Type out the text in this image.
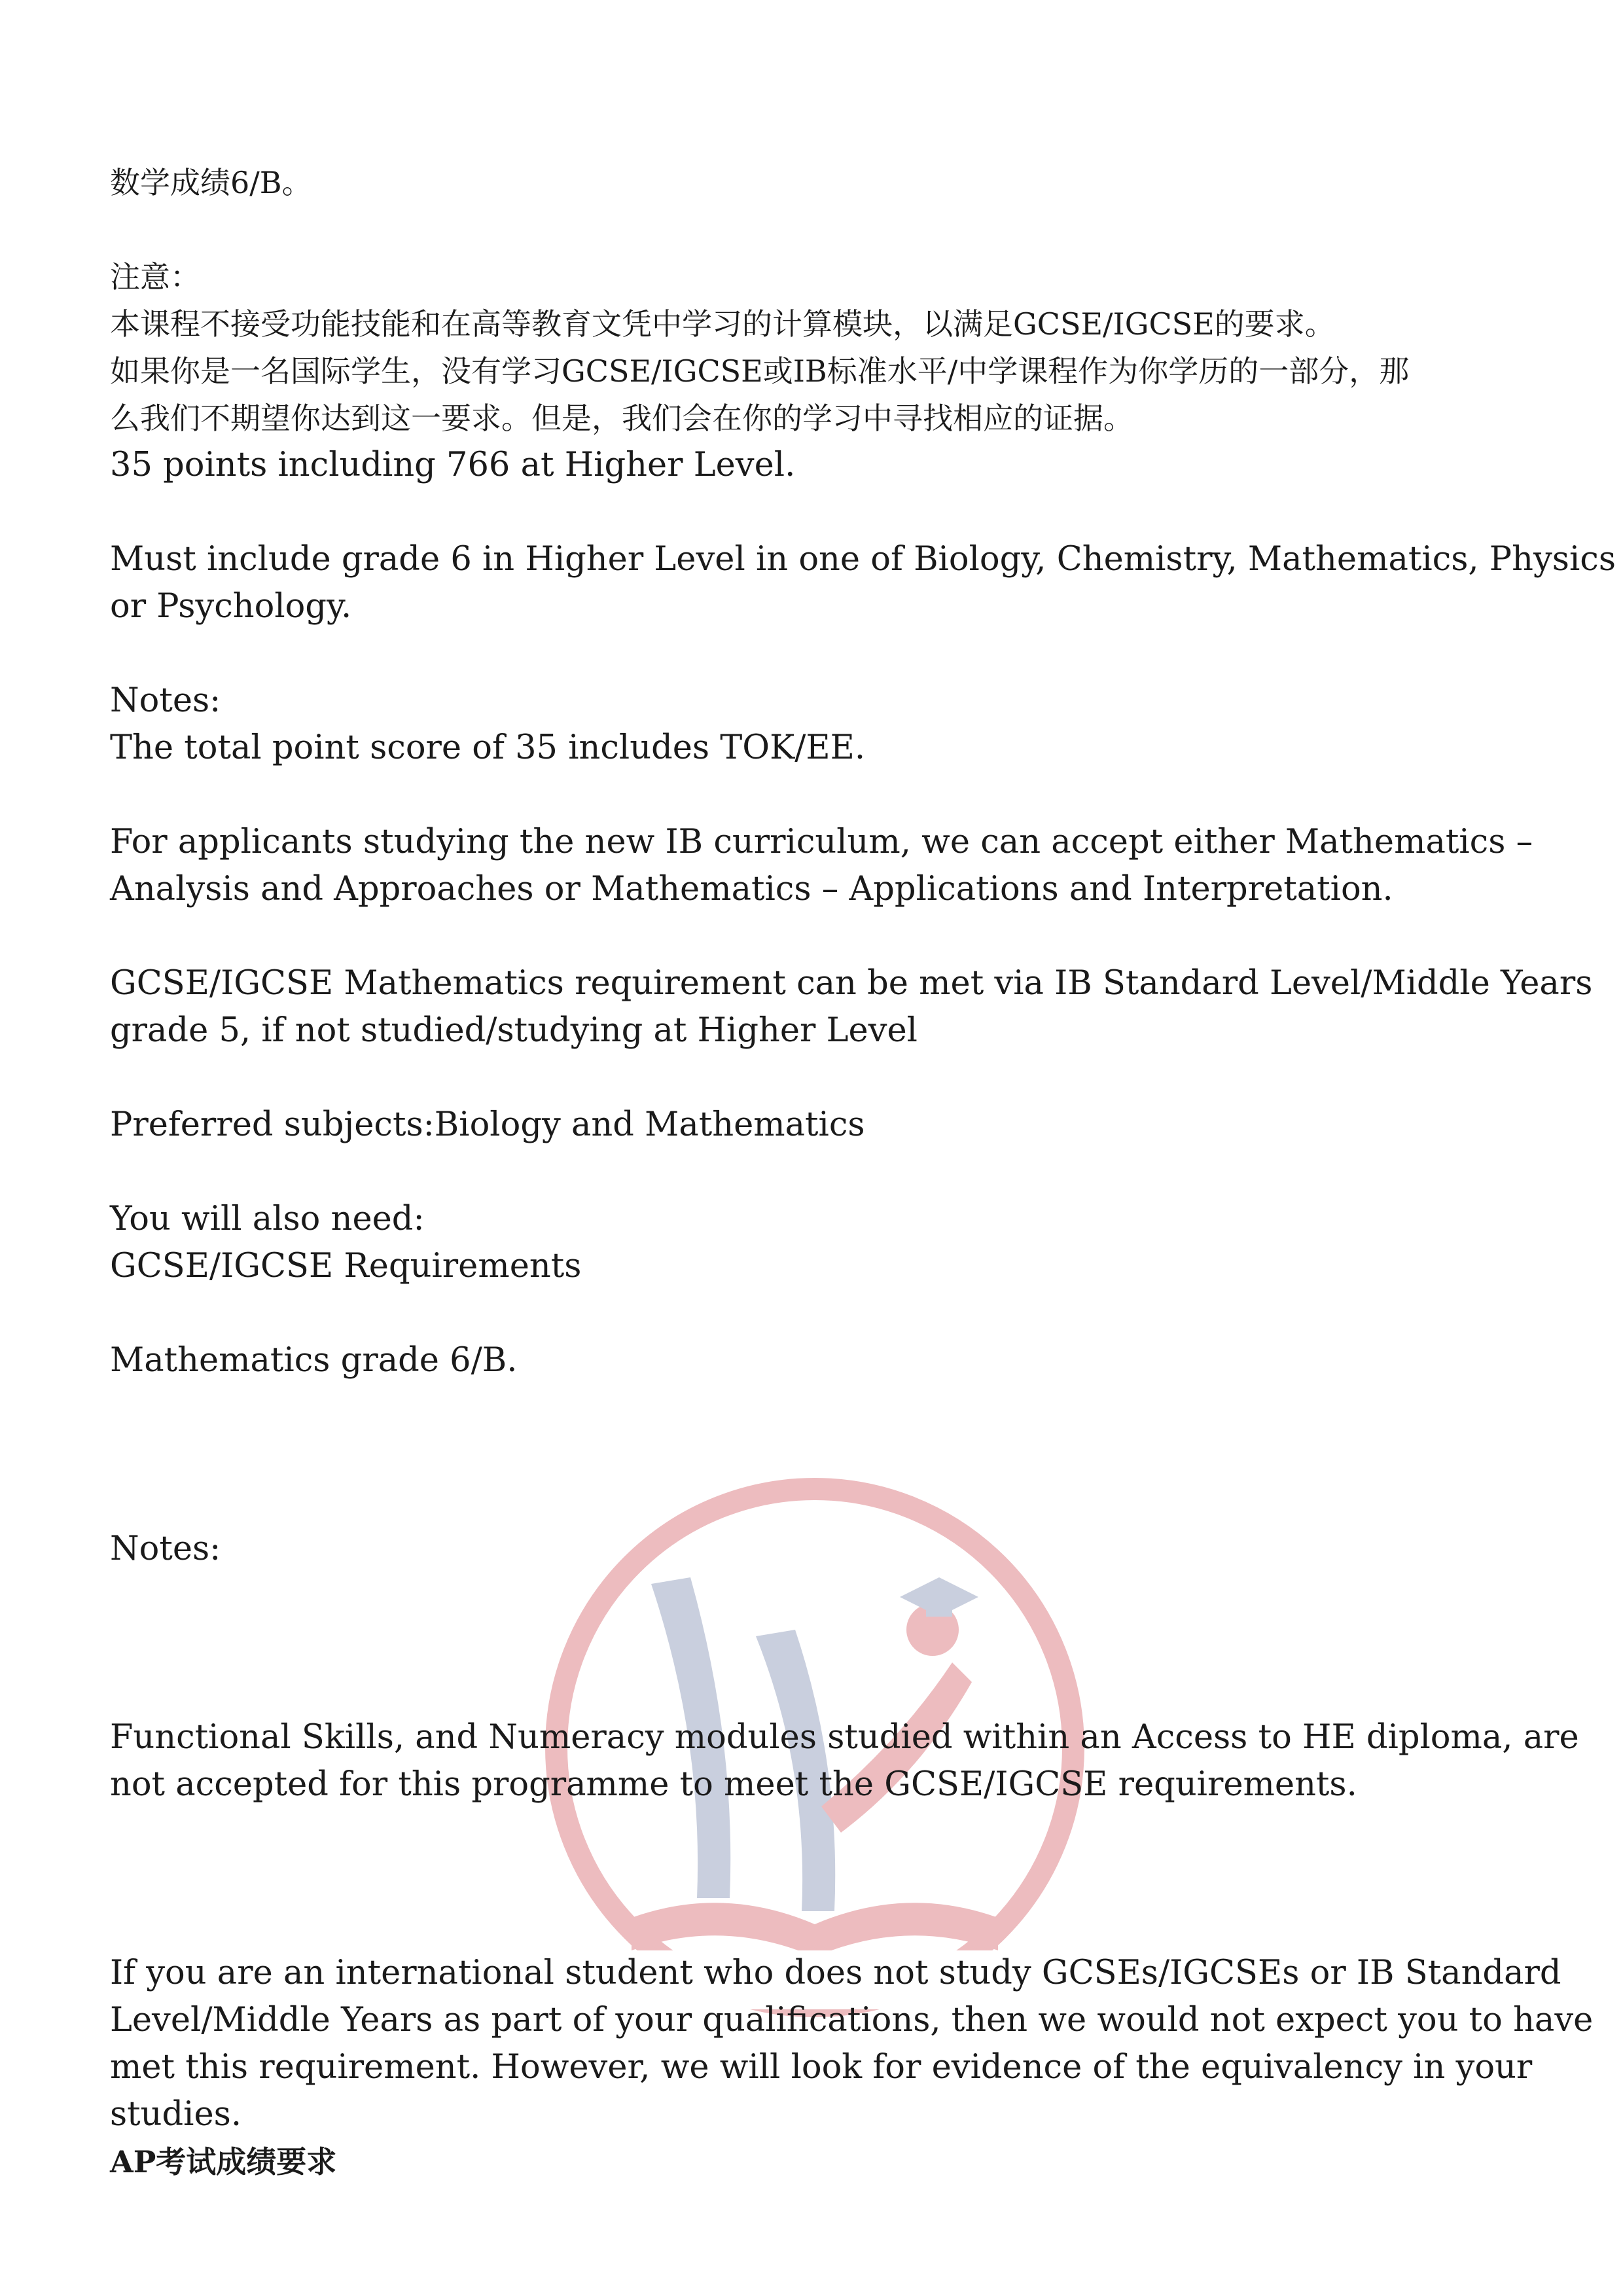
数学成绩6/B。
注意：
本课程不接受功能技能和在高等教育文凭中学习的计算模块，以满足GCSE/IGCSE的要求。
如果你是一名国际学生，没有学习GCSE/IGCSE或IB标准水平/中学课程作为你学历的一部分，那
么我们不期望你达到这一要求。但是，我们会在你的学习中寻找相应的证据。
35 points including 766 at Higher Level.
Must include grade 6 in Higher Level in one of Biology, Chemistry, Mathematics, Physics
or Psychology.
Notes:
The total point score of 35 includes TOK/EE.
For applicants studying the new IB curriculum, we can accept either Mathematics –
Analysis and Approaches or Mathematics – Applications and Interpretation.
GCSE/IGCSE Mathematics requirement can be met via IB Standard Level/Middle Years
grade 5, if not studied/studying at Higher Level
Preferred subjects:Biology and Mathematics
You will also need:
GCSE/IGCSE Requirements
Mathematics grade 6/B.
Notes:
Functional Skills, and Numeracy modules studied within an Access to HE diploma, are
not accepted for this programme to meet the GCSE/IGCSE requirements.
If you are an international student who does not study GCSEs/IGCSEs or IB Standard
Level/Middle Years as part of your qualifications, then we would not expect you to have
met this requirement. However, we will look for evidence of the equivalency in your
studies.
AP考试成绩要求
